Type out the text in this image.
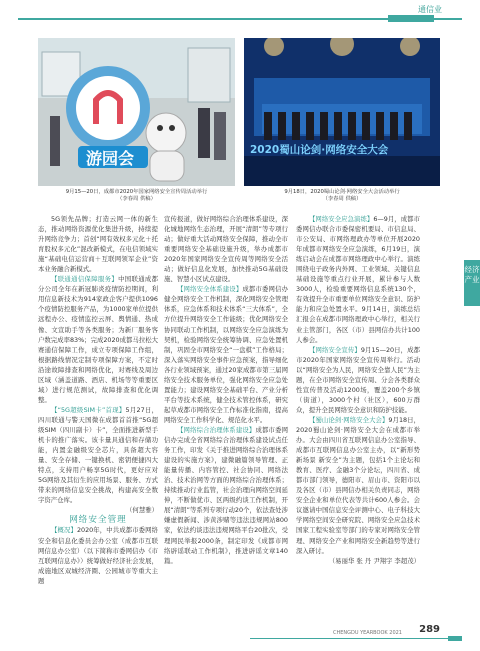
通信业
游园会	2020蜀山论剑·网络安全大会
9月15—20日，成都市2020年国家网络安全宣传周活动举行
（李春周 供稿）
9月18日，2020蜀山论剑·网络安全大会活动举行
（李春周 供稿）

5G领先品牌；打造云网一体的新生态，推动网络资源优化集进升级，持续提升网络竞争力；首创“网有效权多元化＋托育股权多元化”混改新模式，在电信领域实施“基础电信运营商＋互联网领军企业”资本业务融合新模式。

【联通通信保障服务】中国联通成都分公司全年在新冠肺炎疫情防控期间，利用信息新技术为914家政企客户提供1096个疫情防控服务产品，为1000家单位提供远程办公、疫情监控云屏、舆情通、热成像、文宣助手等各类服务；为新厂服务客户数完成率83%；完成2020成都马拉松大赛通信保障工作，成立专项保障工作组，根据路线情况定制专项保障方案，不定时沿途故障排查和网络优化，对赛线及周边区域（涵盖道路、酒店、机场等等重要区域）进行规范测试，故障排查和优化调整。

【“5G超级SIM卡”首现】5月27日，四川联通与警天国微在成都首首推“5G超级SIM（四川副卡）卡”，全面推进新型手机卡的推广落实。该卡量具通信和存储功能，内置金融级安全芯片，具备超大容量、安全存储、一键换机、密钥便捷四大特点，支持用户畅享5G时代，更好应对5G网络及其衍生的应用场景、服务、方式带来的网络信息安全挑战，构建高安全数字资产仓库。

（何慧雅）

网络安全管理

【概况】2020年，中共成都市委网络安全和信息化委员会办公室（成都市互联网信息办公室）（以下简称市委网信办《市互联网信息办》）统筹做好经济社会发展，成施地区双城经济圈、公园城市等重大主题

宣传报道，做好网络综合治理体系建设，深化城地网络生态治理，开展“清朗”等专项行动；做好重大活动网络安全保障，推动全市重要网络安全基础设施升级，举办成都市2020年国家网络安全宣传周等网络安全活动；做好信息化发展，加快推动5G基础设施、智慧小区试点建设。

【网络安全体系建设】成都市委网信办健全网络安全工作机制，深化网络安全管理体系，应急体系和技术体系“三大体系”，全方位提升网络安全工作能级；优化网络安全协同联动工作机制，以网络安全应急演练为契机，检验网络安全统筹协调、应急处置机制，巩固全市网络安全“一盘棋”工作格局；深入落实网络安全事件应急预案，指导细化各行业领域预案，通过20家成都市第三届网络安全技术服务单位，强化网络安全应急处置能力；建设网络安全基础平台、产业分析平台等技术系统，健全技术管控体系，研究起草成都市网络安全工作标准化指南，提高网络安全工作科学化、规范化水平。

【网络综合治理体系建设】成都市委网信办完成全省网络综合治理体系建设试点任务工作，印发《关于推进网络综合治理体系建设的实施方案》，建微融篇领导管理、正能量传播、内容管控、社会协同、网络法治、技术治网等方面的网络综合治理体系；持续推动行业监管，社会治理向网络空间延伸，不断做优市、区两级约谈工作机制，开展“清朗”等系列专项行动20个，依法查处涉嫌虚假新闻、涉黄涉赌等违法违规网站800家，依法约谈违法违规网络平台20批次，受理网民举报2000条，制定印发《成都市网络辟谣联动工作机制》，推进辟谣文章140篇。

【网络安全应急演练】6—9月，成都市委网信办联合市委保密机要局、市信息局、市公安局、市网络理政办等单位开展2020年成都市网络安全应急演练，6月19日，演练启动会在成都市网络理政中心举行。演练围绕电子政务内外网、工业领域、关键信息基础设施等重点行业开展，累计参与人数3000人，检验重要网络信息系统130个，有效提升全市重要单位网络安全意识、防护能力和应急处置水平。9月14日，演练总结汇报会在成都市网络理政中心举行，相关行业主管部门，各区（市）县网信办共计100人参会。

【网络安全宣传】9月15—20日，成都市2020年国家网络安全宣传周举行。活动以“网络安全为人民，网络安全靠人民”为主题，在全市网络安全宣传周、分会各类群众性宣传普及活动1200场，覆盖200个乡镇（街道），3000个村（社区），600万群众，提升全民网络安全意识和防护技能。

【蜀山论剑·网络安全大会】9月18日，2020蜀山论剑·网络安全大会在成都市举办。大会由四川省互联网信息办公室指导、成都市互联网信息办公室主办，以“新形势 新场景 新安全”为主题，包括1个主论坛和教育、医疗、金融3个分论坛，四川省、成都市部门领导，德阳市、眉山市、资阳市以及各区（市）县网信办相关负责同志，网络安全企业和单位代表等共计600人参会。会议邀请中国信息安全评测中心、电子科技大学网络空间安全研究院、网络安全应急技术国家工程实验室等部门的专家对网络安全管理、网络安全产业和网络安全新趋势等进行深入研讨。

（易丽华 张 丹 尹翔宇 李超茂）

经济产业
CHENGDU YEARBOOK 2021 289
